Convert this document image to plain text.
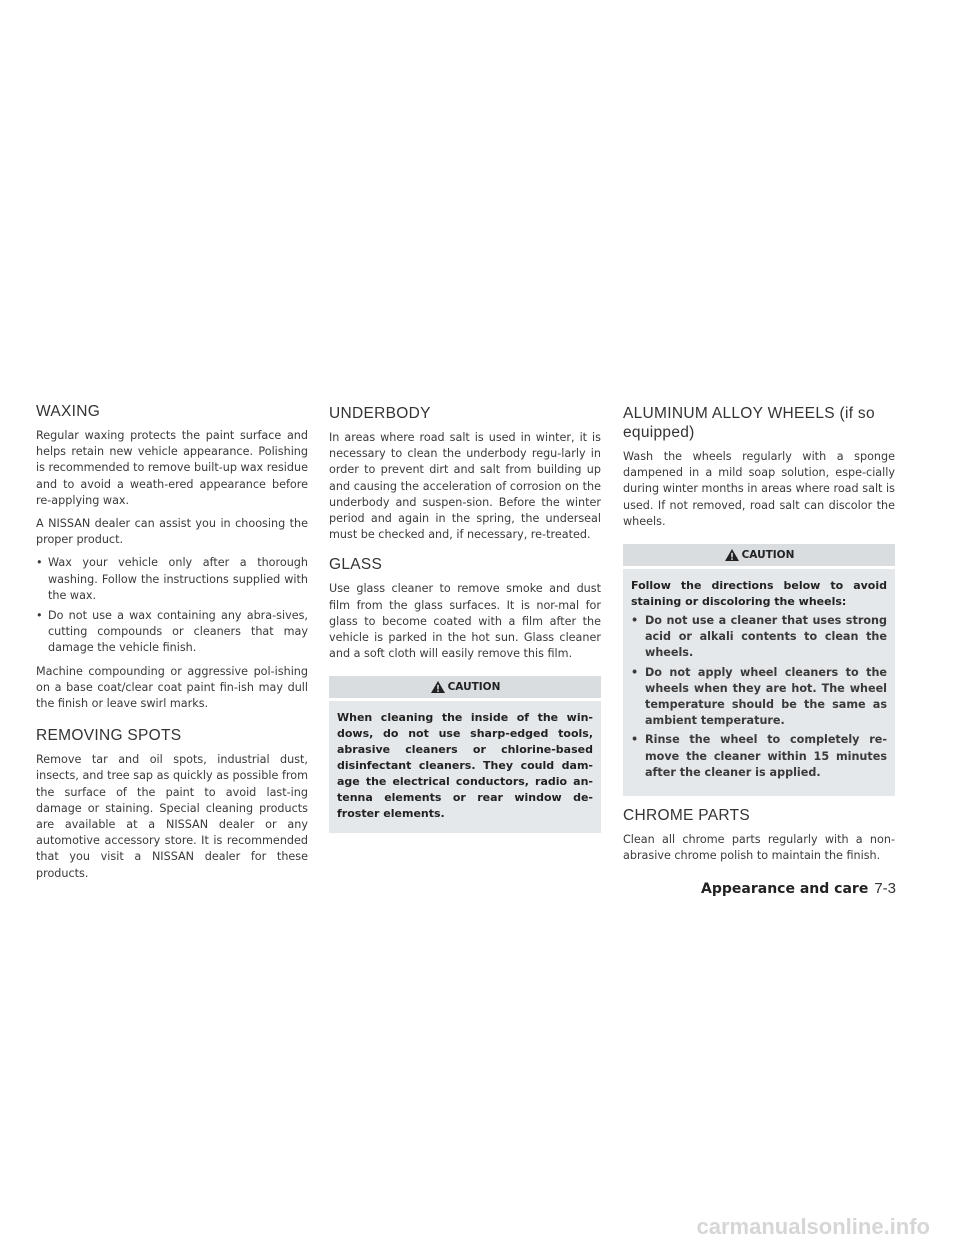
WAXING

Regular waxing protects the paint surface and helps retain new vehicle appearance. Polishing is recommended to remove built-up wax residue and to avoid a weath-ered appearance before re-applying wax.

A NISSAN dealer can assist you in choosing the proper product.

• Wax your vehicle only after a thorough washing. Follow the instructions supplied with the wax.
• Do not use a wax containing any abra-sives, cutting compounds or cleaners that may damage the vehicle finish.

Machine compounding or aggressive pol-ishing on a base coat/clear coat paint fin-ish may dull the finish or leave swirl marks.

REMOVING SPOTS

Remove tar and oil spots, industrial dust, insects, and tree sap as quickly as possible from the surface of the paint to avoid last-ing damage or staining. Special cleaning products are available at a NISSAN dealer or any automotive accessory store. It is recommended that you visit a NISSAN dealer for these products.

UNDERBODY

In areas where road salt is used in winter, it is necessary to clean the underbody regu-larly in order to prevent dirt and salt from building up and causing the acceleration of corrosion on the underbody and suspen-sion. Before the winter period and again in the spring, the underseal must be checked and, if necessary, re-treated.

GLASS

Use glass cleaner to remove smoke and dust film from the glass surfaces. It is nor-mal for glass to become coated with a film after the vehicle is parked in the hot sun. Glass cleaner and a soft cloth will easily remove this film.

CAUTION

When cleaning the inside of the win-dows, do not use sharp-edged tools, abrasive cleaners or chlorine-based disinfectant cleaners. They could dam-age the electrical conductors, radio an-tenna elements or rear window de-froster elements.

ALUMINUM ALLOY WHEELS (if so equipped)

Wash the wheels regularly with a sponge dampened in a mild soap solution, espe-cially during winter months in areas where road salt is used. If not removed, road salt can discolor the wheels.

CAUTION

Follow the directions below to avoid staining or discoloring the wheels:

• Do not use a cleaner that uses strong acid or alkali contents to clean the wheels.
• Do not apply wheel cleaners to the wheels when they are hot. The wheel temperature should be the same as ambient temperature.
• Rinse the wheel to completely re-move the cleaner within 15 minutes after the cleaner is applied.
CHROME PARTS

Clean all chrome parts regularly with a non-abrasive chrome polish to maintain the finish.

Appearance and care 7-3
carmanualsonline.info
